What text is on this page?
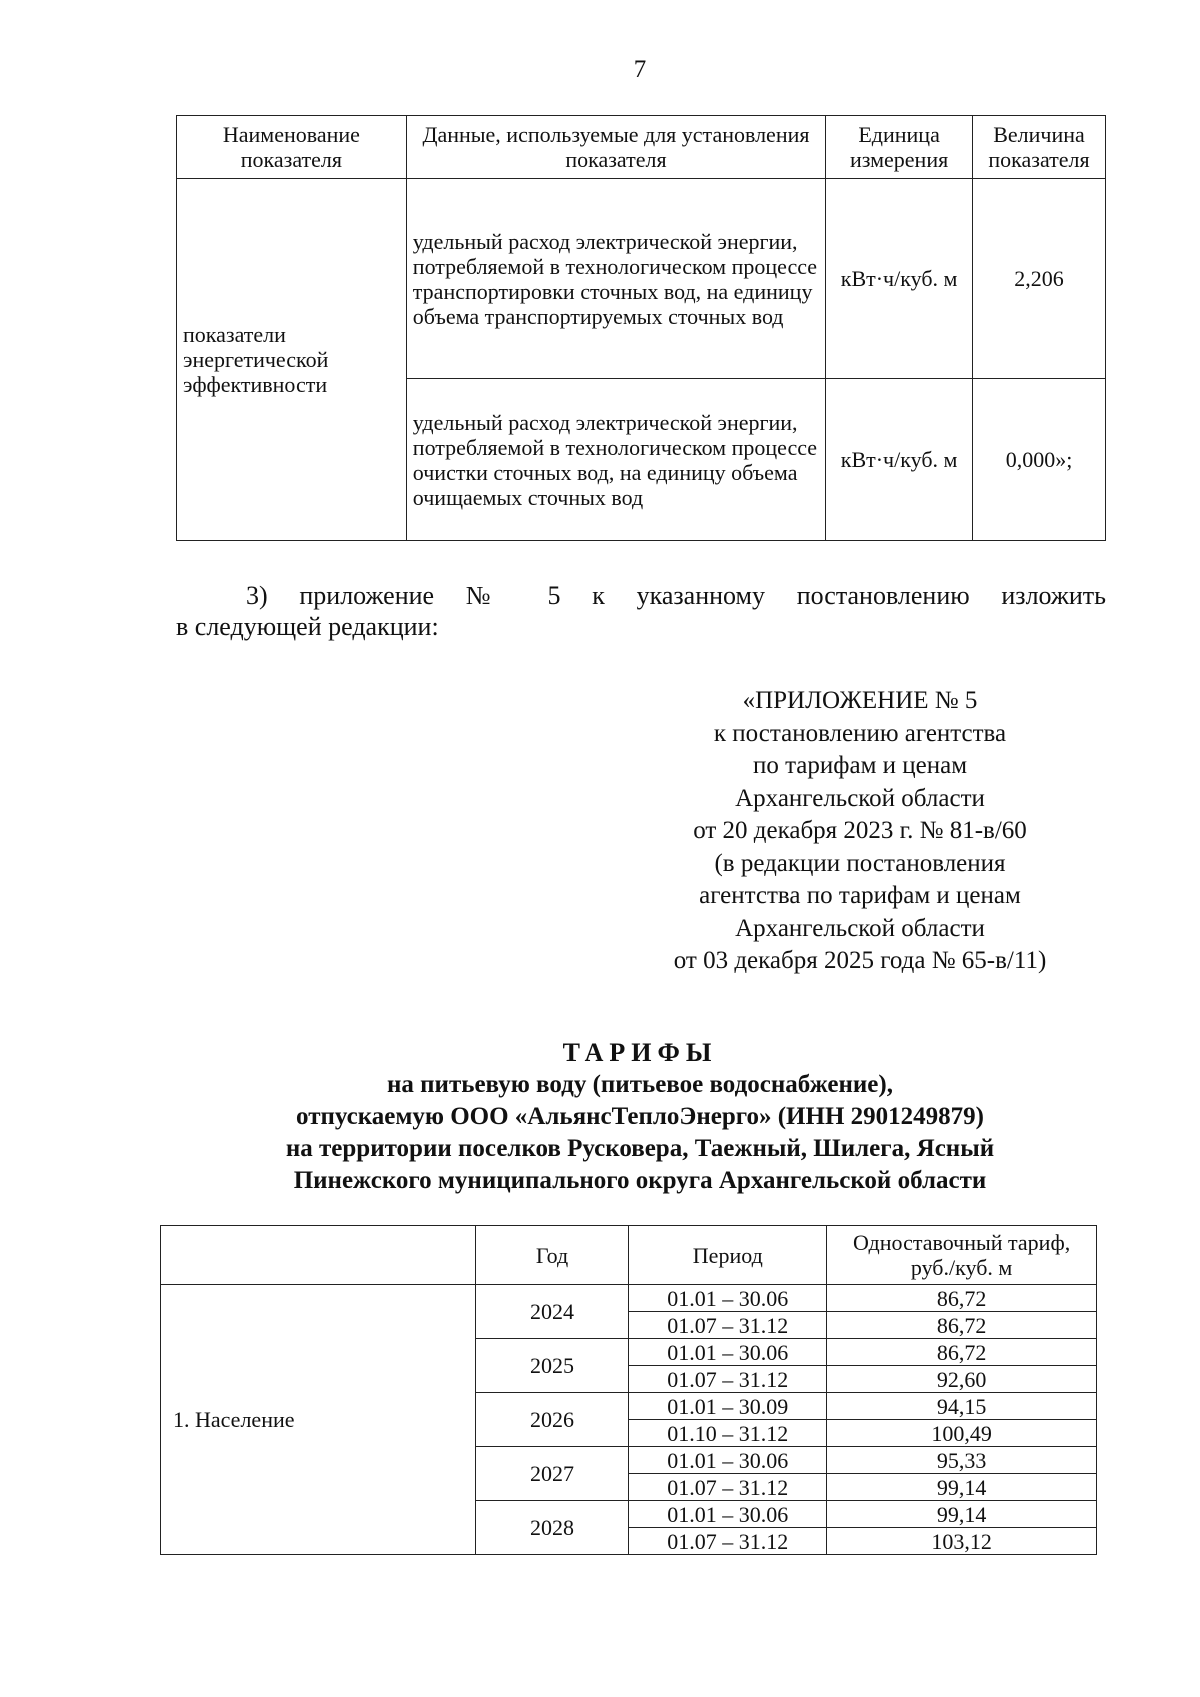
7
Наименование показателя	Данные, используемые для установления показателя	Единица измерения	Величина показателя
показатели энергетической эффективности	удельный расход электрической энергии, потребляемой в технологическом процессе транспортировки сточных вод, на единицу объема транспортируемых сточных вод	кВт·ч/куб. м	2,206
	удельный расход электрической энергии, потребляемой в технологическом процессе очистки сточных вод, на единицу объема очищаемых сточных вод	кВт·ч/куб. м	0,000»;
3) приложение № 5 к указанному постановлению изложить
в следующей редакции:
«ПРИЛОЖЕНИЕ № 5
к постановлению агентства
по тарифам и ценам
Архангельской области
от 20 декабря 2023 г. № 81-в/60
(в редакции постановления
агентства по тарифам и ценам
Архангельской области
от 03 декабря 2025 года № 65-в/11)
ТАРИФЫ
на питьевую воду (питьевое водоснабжение),
отпускаемую ООО «АльянсТеплоЭнерго» (ИНН 2901249879)
на территории поселков Русковера, Таежный, Шилега, Ясный
Пинежского муниципального округа Архангельской области
	Год	Период	Одноставочный тариф, руб./куб. м
1. Население	2024	01.01 – 30.06	86,72
		01.07 – 31.12	86,72
	2025	01.01 – 30.06	86,72
		01.07 – 31.12	92,60
	2026	01.01 – 30.09	94,15
		01.10 – 31.12	100,49
	2027	01.01 – 30.06	95,33
		01.07 – 31.12	99,14
	2028	01.01 – 30.06	99,14
		01.07 – 31.12	103,12
